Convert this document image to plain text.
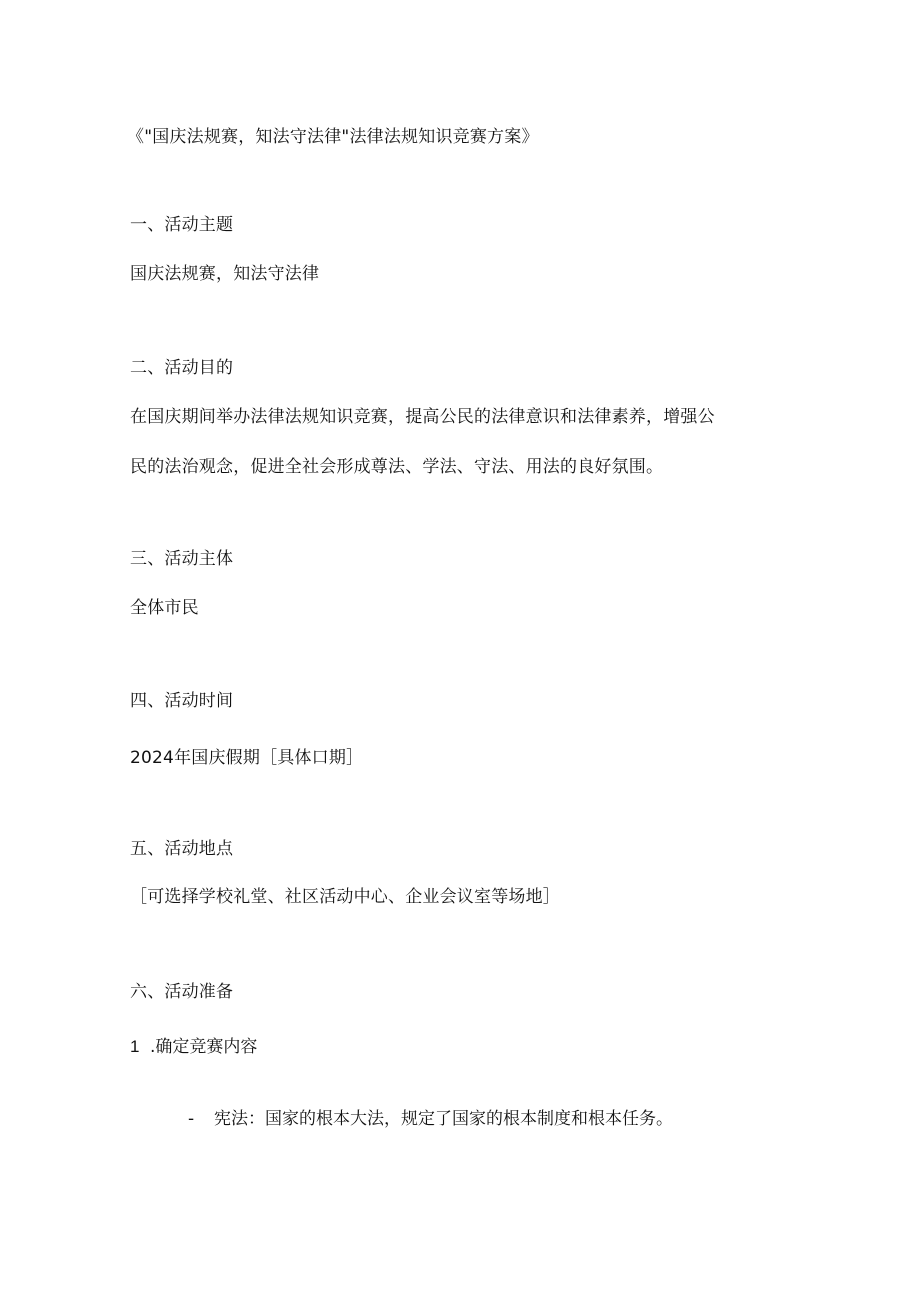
《"国庆法规赛，知法守法律"法律法规知识竞赛方案》
一、活动主题
国庆法规赛，知法守法律
二、活动目的
在国庆期间举办法律法规知识竞赛，提高公民的法律意识和法律素养，增强公
民的法治观念，促进全社会形成尊法、学法、守法、用法的良好氛围。
三、活动主体
全体市民
四、活动时间
2024年国庆假期［具体口期］
五、活动地点
［可选择学校礼堂、社区活动中心、企业会议室等场地］
六、活动准备
1 .确定竞赛内容
- 宪法：国家的根本大法，规定了国家的根本制度和根本任务。
